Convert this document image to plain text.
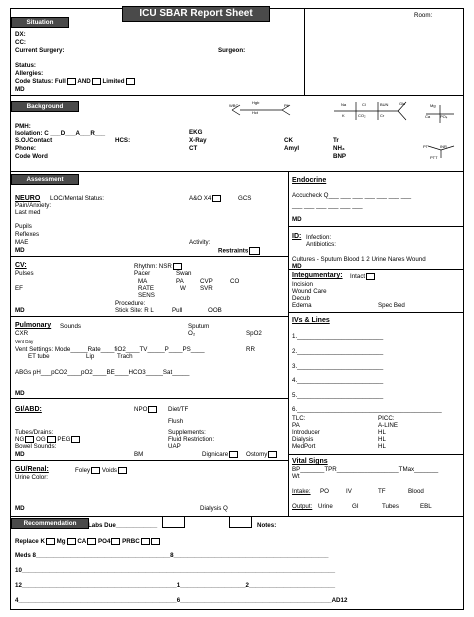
ICU SBAR Report Sheet	Room:
Situation
DX:
CC:
Current Surgery:	Surgeon:
Status:
Allergies:
Code Status: Full AND Limited
MD
Background	WBC
Hgb
Hct
Plt	Na	Cl	BUN
K	CO₂	Cr
Glu	Mg
Ca PO₄
PT	INR
PTT
PMH:
Isolation: C ___D___A___R___
S.O./Contact	HCS:
Phone:
Code Word
EKG
X-Ray
CT
CK
Amyl
Tr
NH₃
BNP
Assessment
NEURO LOC/Mental Status:	A&O X4	GCS
Pain/Anxiety:
Last med
Pupils
Reflexes
MAE	Activity:
MD	Restraints
CV:	Rhythm: NSR
Pulses	Pacer	Swan
MA	PA	CVP	CO
EF	RATE	W SVR
SENS
Procedure:
Stick Site: R L	Pull	OOB
MD
Pulmonary Sounds	Sputum
CXR	O₂	SpO2
Vent Day
Vent Settings: Mode_____Rate____fiO2____TV_____P____PS____	RR
ET tube	Lip	Trach
ABGs pH___pCO2____pO2____BE____HCO3_____Sat_____
MD
GI/ABD:	NPO	Diet/TF
Flush
Tubes/Drains:
NG OG PEG
Supplements:
Fluid Restriction:
Bowel Sounds:	UAP
MD	BM	Dignicare	Ostomy
GU/Renal:	Foley Voids
Urine Color:
MD	Dialysis Q
Endocrine
Accucheck Q___ ___ ___ ___ ___ ___ ___
___ ___ ___ ___ ___ ___
MD
ID: Infection:
Antibiotics:
Cultures - Sputum Blood 1 2 Urine Nares Wound
MD
Integumentary: Intact
Incision
Wound Care
Decub
Edema	Spec Bed
IVs & Lines
1._________________________
2._________________________
3._________________________
4._________________________
5._________________________
6.__________________________________________
TLC:	PICC:
PA	A-LINE
Introducer	HL
Dialysis	HL
MedPort	HL
Vital Signs
BP_______TPR__________________TMax_______
Wt
Intake: PO	IV	TF	Blood
Output: Urine	GI	Tubes	EBL
Recommendation	Labs Due____________	Notes:
Replace K Mg CA PO4 PRBC
Meds 8_______________________________________8_____________________________________________
10___________________________________________________________________________________________
12_____________________________________________1___________________2_________________________
4______________________________________________6____________________________________________AD12
